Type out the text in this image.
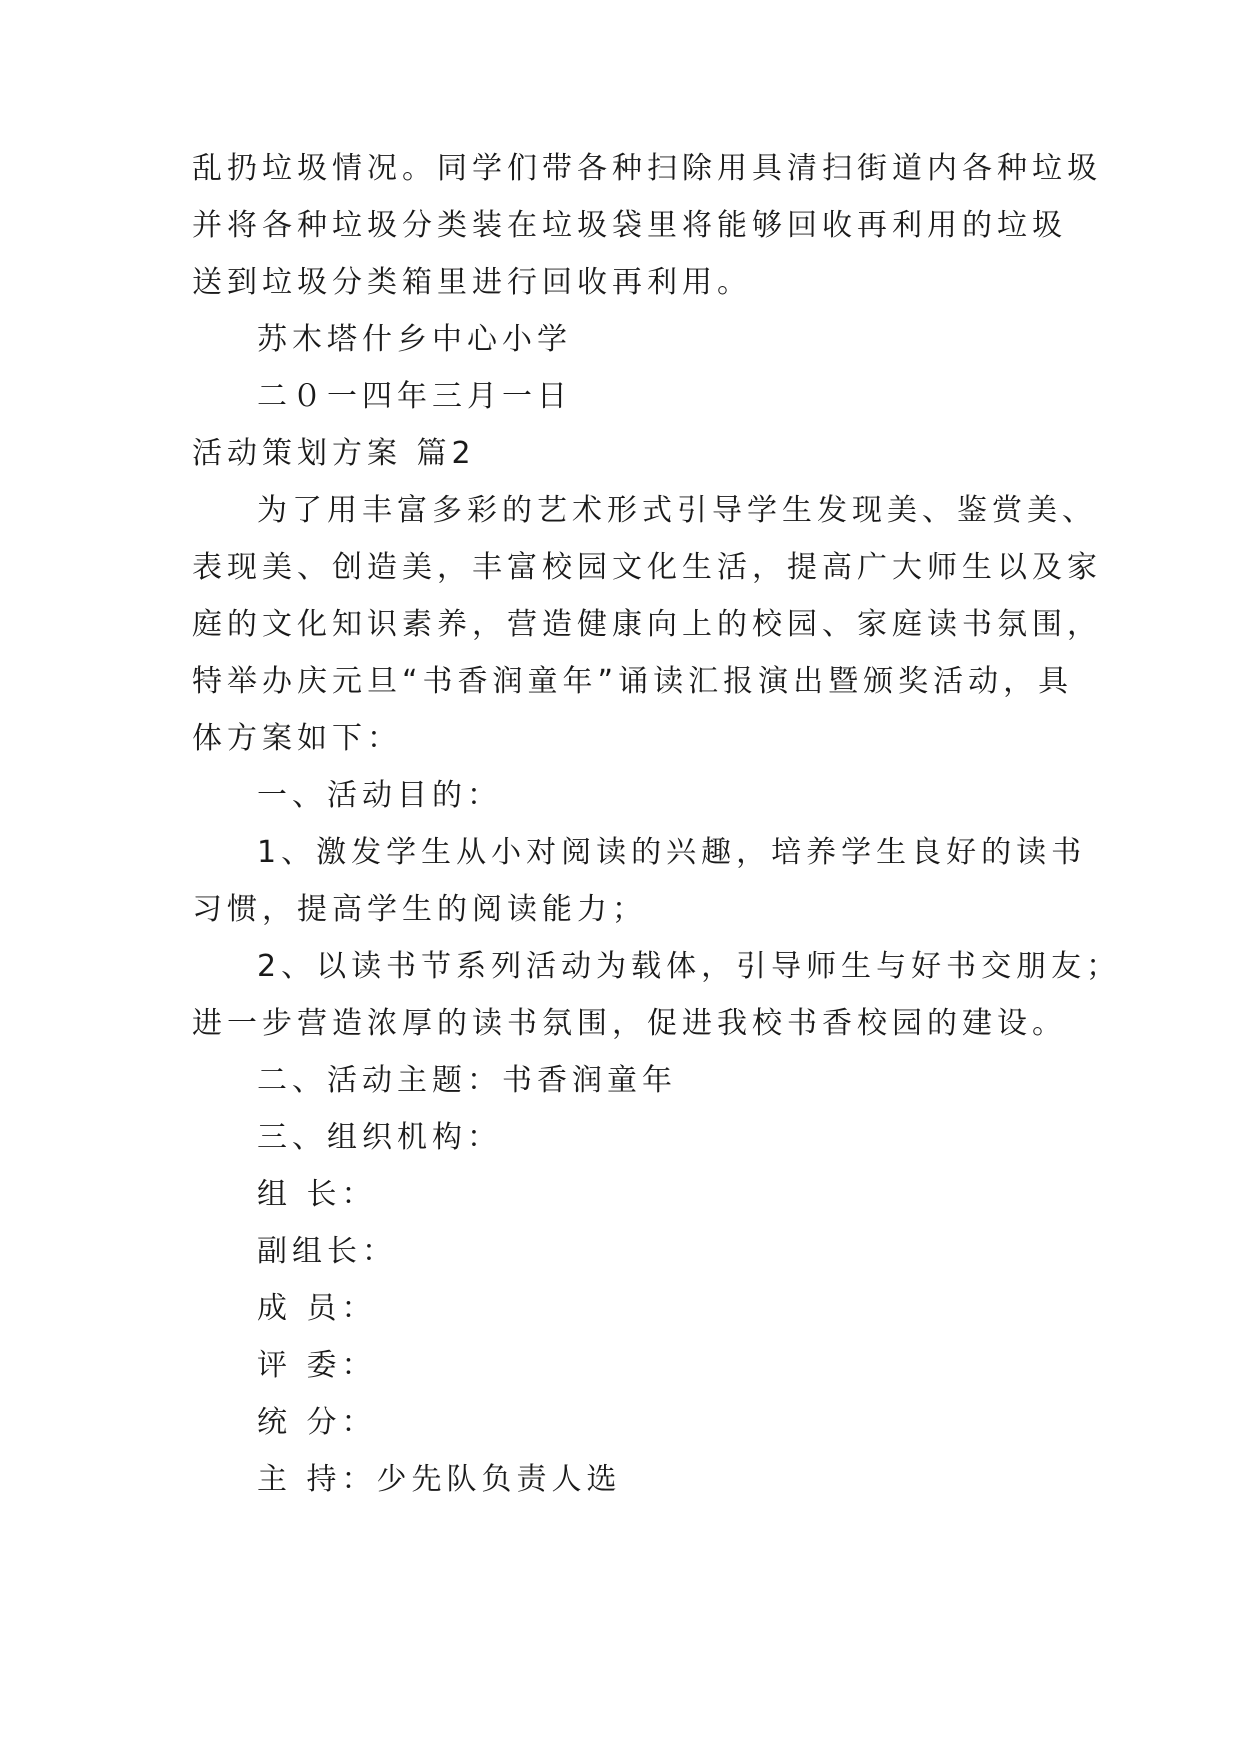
乱扔垃圾情况。同学们带各种扫除用具清扫街道内各种垃圾
并将各种垃圾分类装在垃圾袋里将能够回收再利用的垃圾
送到垃圾分类箱里进行回收再利用。
苏木塔什乡中心小学
二０一四年三月一日
活动策划方案 篇2
为了用丰富多彩的艺术形式引导学生发现美、鉴赏美、
表现美、创造美，丰富校园文化生活，提高广大师生以及家
庭的文化知识素养，营造健康向上的校园、家庭读书氛围，
特举办庆元旦“书香润童年”诵读汇报演出暨颁奖活动，具
体方案如下：
一、活动目的：
1、激发学生从小对阅读的兴趣，培养学生良好的读书
习惯，提高学生的阅读能力；
2、以读书节系列活动为载体，引导师生与好书交朋友；
进一步营造浓厚的读书氛围，促进我校书香校园的建设。
二、活动主题：书香润童年
三、组织机构：
组 长：
副组长：
成 员：
评 委：
统 分：
主 持：少先队负责人选
